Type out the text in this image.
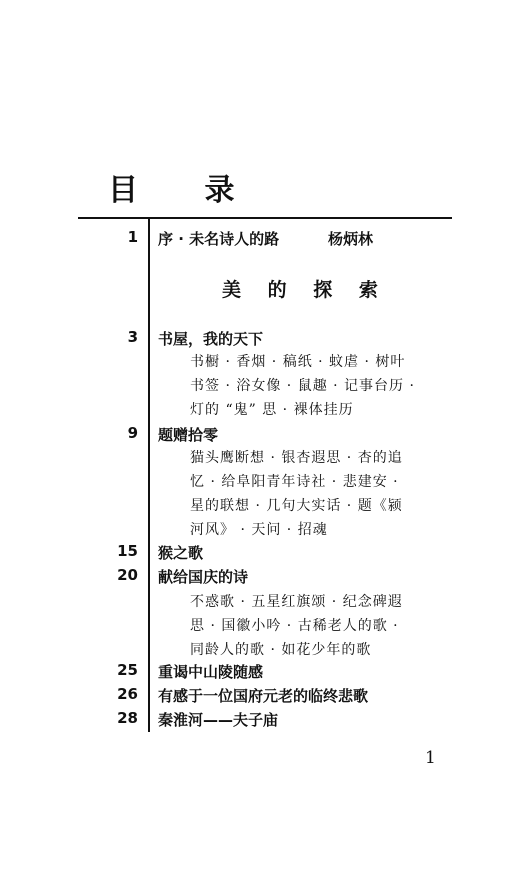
目 录
1 序 · 未名诗人的路	杨炳林
美 的 探 索
3 书屋，我的天下
书橱 · 香烟 · 稿纸 · 蚊虐 · 树叶
书签 · 浴女像 · 鼠趣 · 记事台历 ·
灯的 “鬼” 思 · 裸体挂历
9 题赠拾零
猫头鹰断想 · 银杏遐思 · 杏的追
忆 · 给阜阳青年诗社 · 悲建安 ·
星的联想 · 几句大实话 · 题《颍
河风》 · 天问 · 招魂
15 猴之歌
20 献给国庆的诗
不惑歌 · 五星红旗颂 · 纪念碑遐
思 · 国徽小吟 · 古稀老人的歌 ·
同龄人的歌 · 如花少年的歌
25 重谒中山陵随感
26 有感于一位国府元老的临终悲歌
28 秦淮河——夫子庙
1
